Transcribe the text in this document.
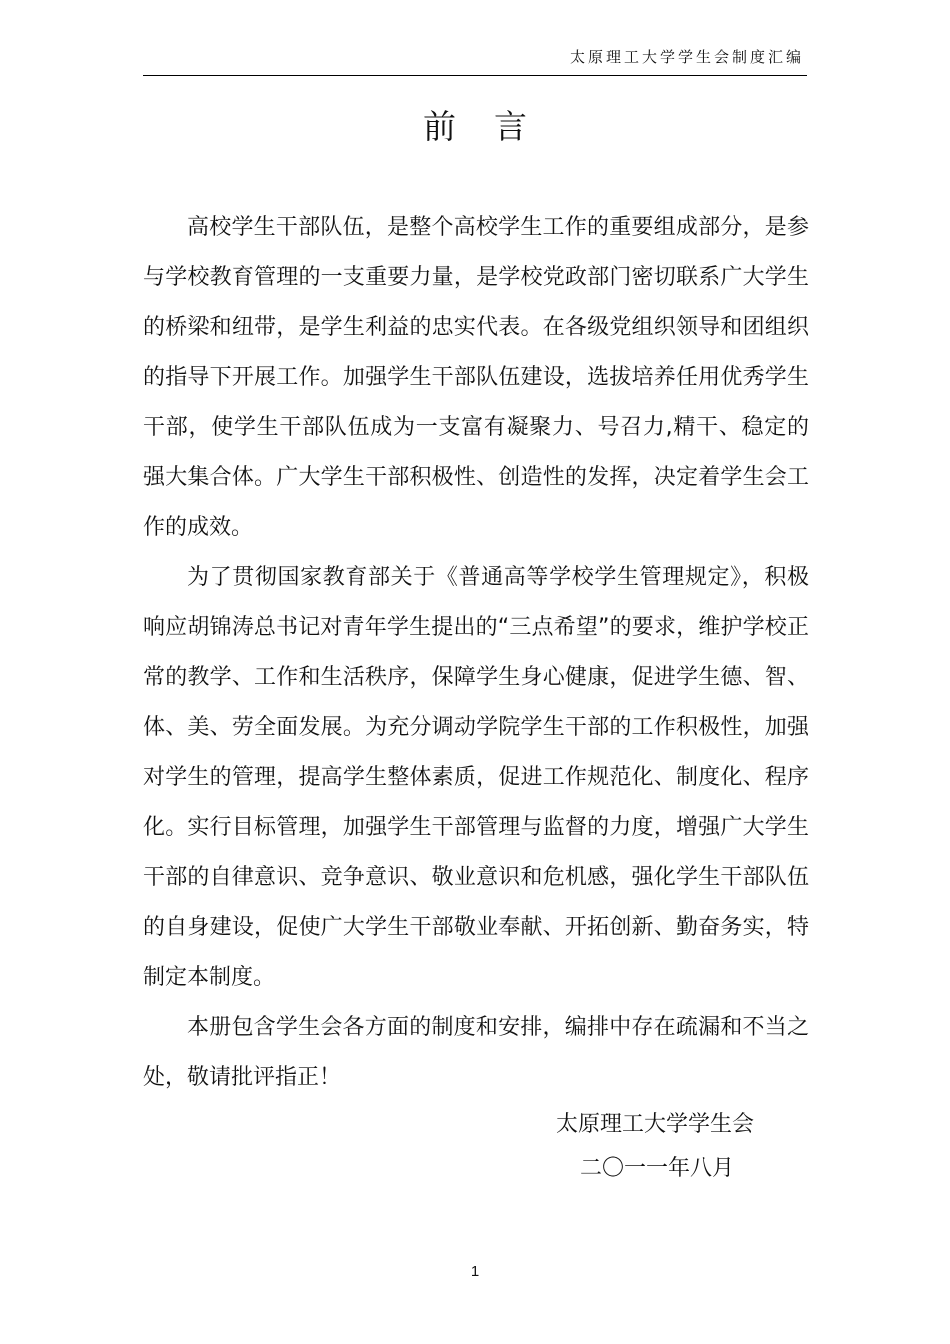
太原理工大学学生会制度汇编
前言

高校学生干部队伍，是整个高校学生工作的重要组成部分，是参与学校教育管理的一支重要力量，是学校党政部门密切联系广大学生的桥梁和纽带，是学生利益的忠实代表。在各级党组织领导和团组织的指导下开展工作。加强学生干部队伍建设，选拔培养任用优秀学生干部，使学生干部队伍成为一支富有凝聚力、号召力,精干、稳定的强大集合体。广大学生干部积极性、创造性的发挥，决定着学生会工作的成效。

为了贯彻国家教育部关于《普通高等学校学生管理规定》，积极响应胡锦涛总书记对青年学生提出的“三点希望”的要求，维护学校正常的教学、工作和生活秩序，保障学生身心健康，促进学生德、智、体、美、劳全面发展。为充分调动学院学生干部的工作积极性，加强对学生的管理，提高学生整体素质，促进工作规范化、制度化、程序化。实行目标管理，加强学生干部管理与监督的力度，增强广大学生干部的自律意识、竞争意识、敬业意识和危机感，强化学生干部队伍的自身建设，促使广大学生干部敬业奉献、开拓创新、勤奋务实，特制定本制度。

本册包含学生会各方面的制度和安排，编排中存在疏漏和不当之处，敬请批评指正！

太原理工大学学生会
二〇一一年八月
1
